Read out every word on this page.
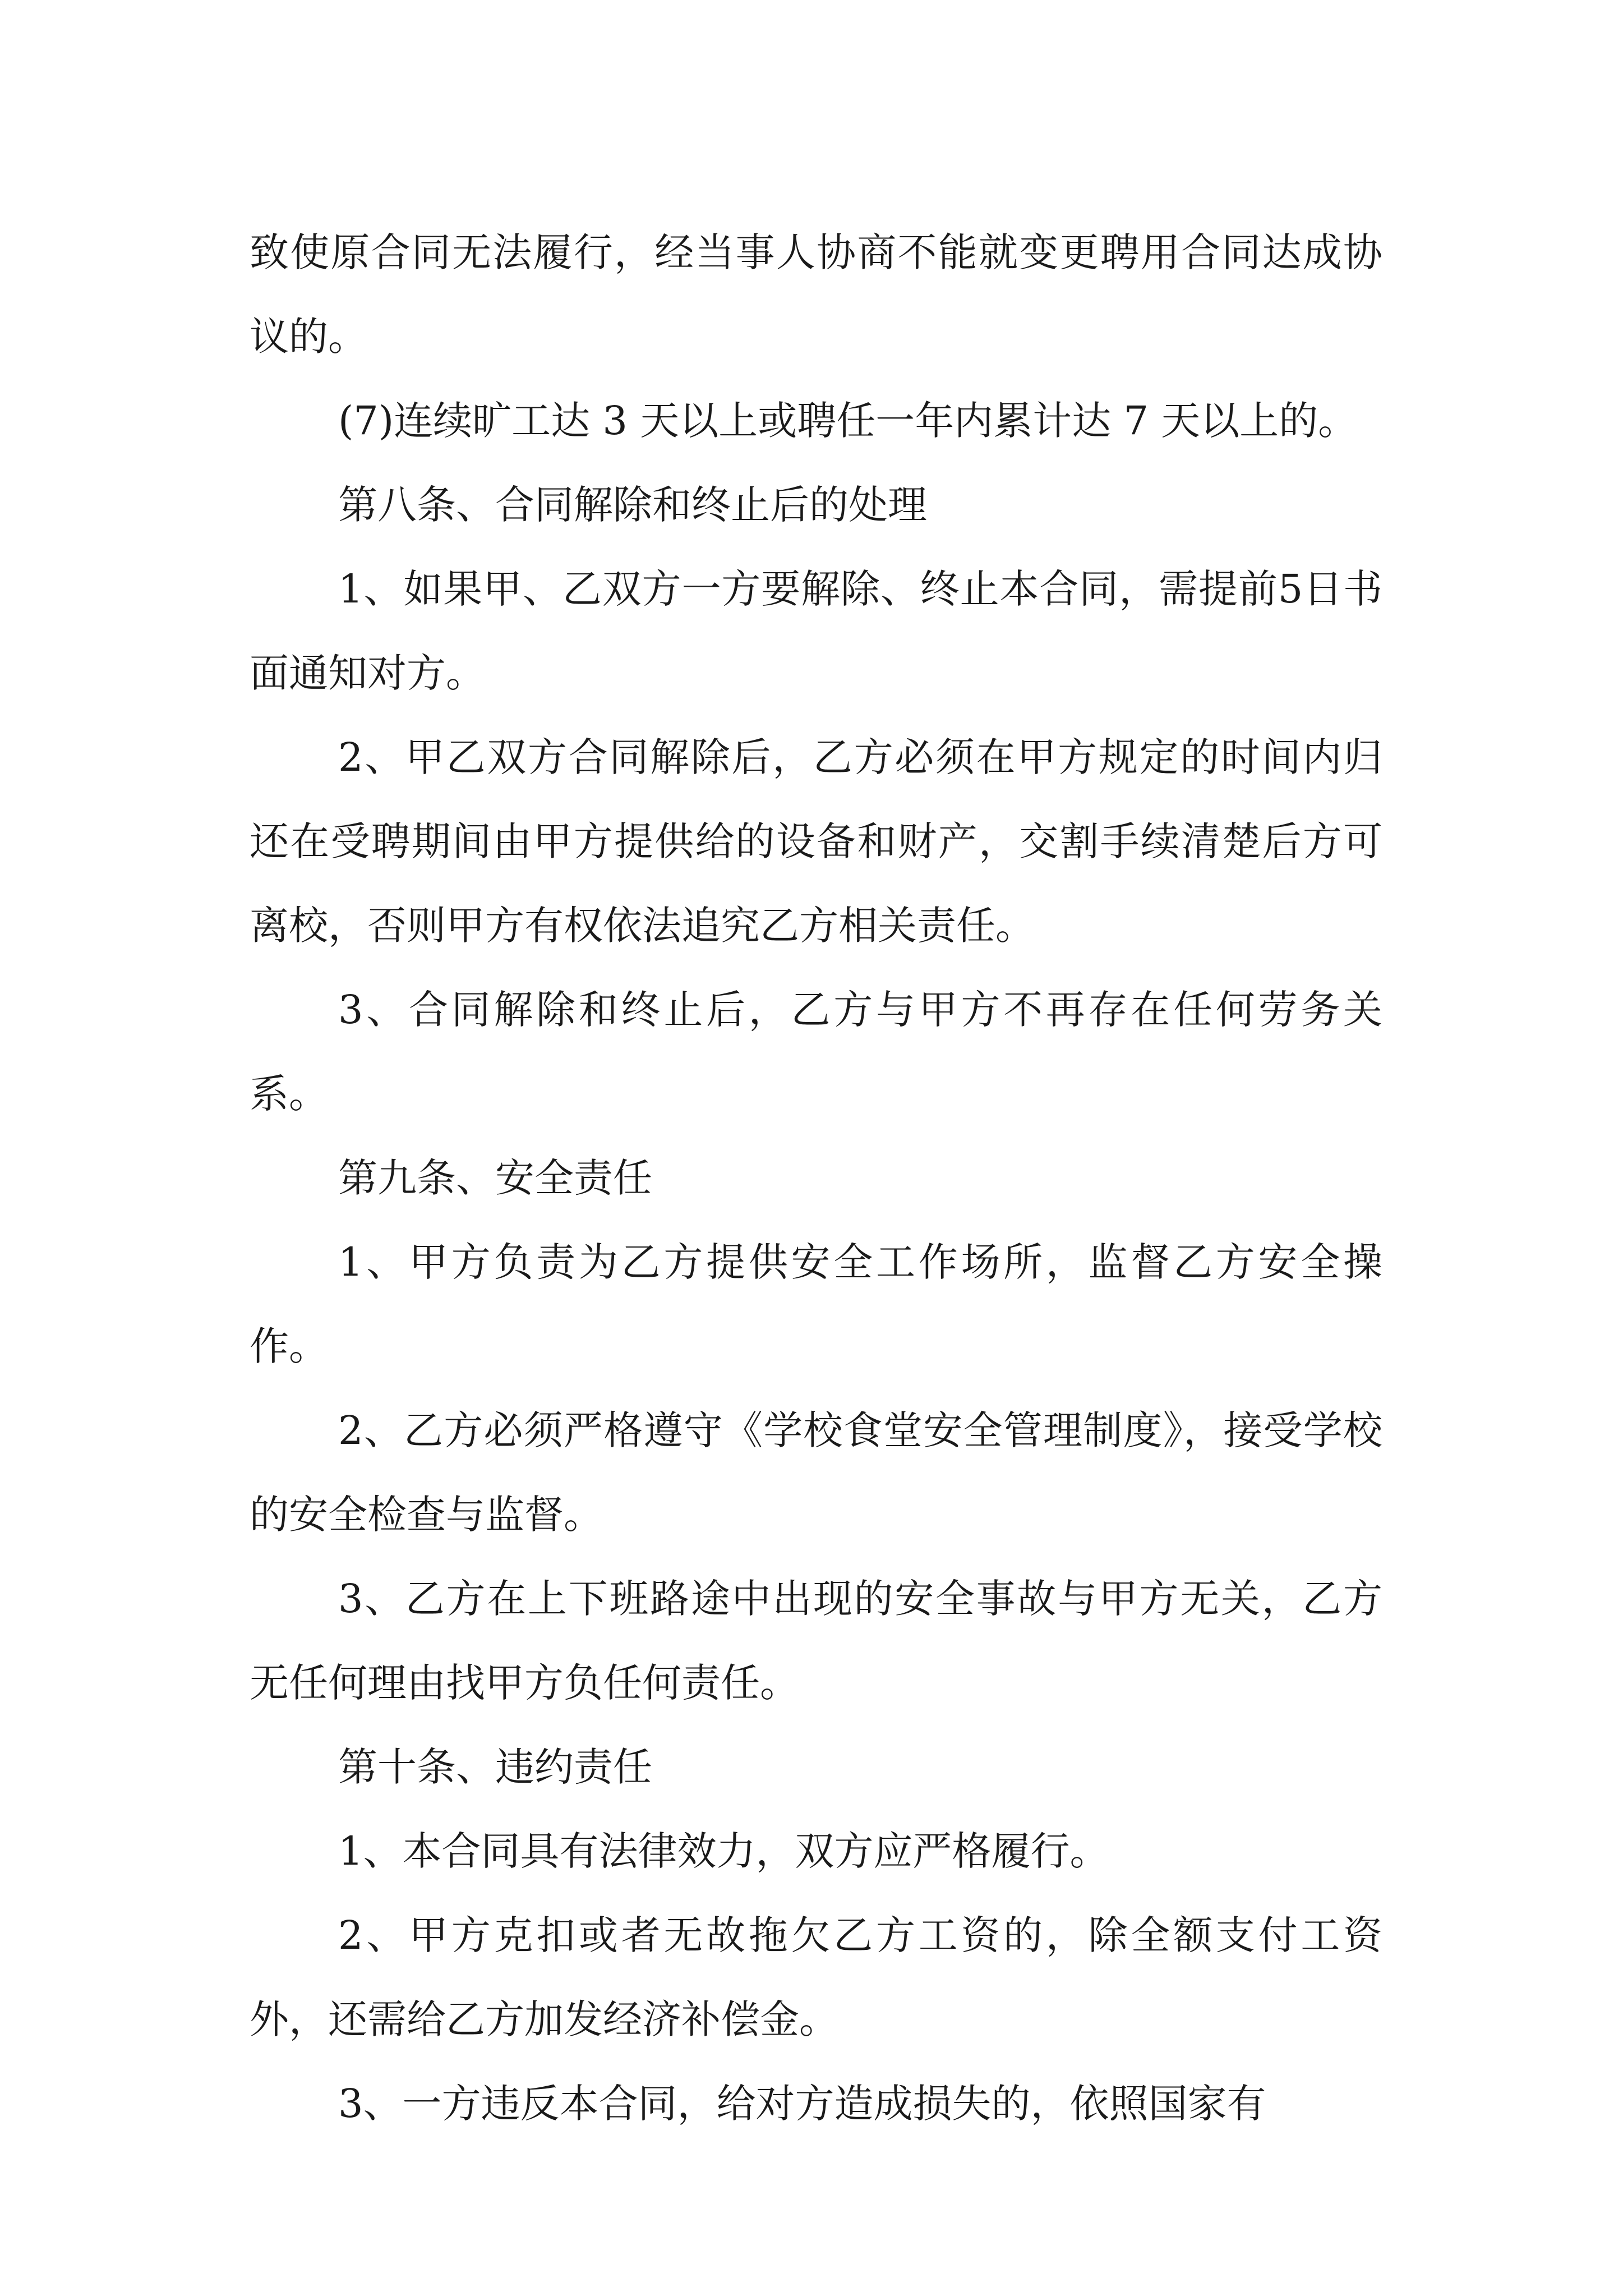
致使原合同无法履行，经当事人协商不能就变更聘用合同达成协议的。

(7)连续旷工达 3 天以上或聘任一年内累计达 7 天以上的。

第八条、合同解除和终止后的处理

1、如果甲、乙双方一方要解除、终止本合同，需提前5日书面通知对方。

2、甲乙双方合同解除后，乙方必须在甲方规定的时间内归还在受聘期间由甲方提供给的设备和财产，交割手续清楚后方可离校，否则甲方有权依法追究乙方相关责任。

3、合同解除和终止后，乙方与甲方不再存在任何劳务关系。

第九条、安全责任

1、甲方负责为乙方提供安全工作场所，监督乙方安全操作。

2、乙方必须严格遵守《学校食堂安全管理制度》，接受学校的安全检查与监督。

3、乙方在上下班路途中出现的安全事故与甲方无关，乙方无任何理由找甲方负任何责任。

第十条、违约责任

1、本合同具有法律效力，双方应严格履行。

2、甲方克扣或者无故拖欠乙方工资的，除全额支付工资外，还需给乙方加发经济补偿金。

3、一方违反本合同，给对方造成损失的，依照国家有
